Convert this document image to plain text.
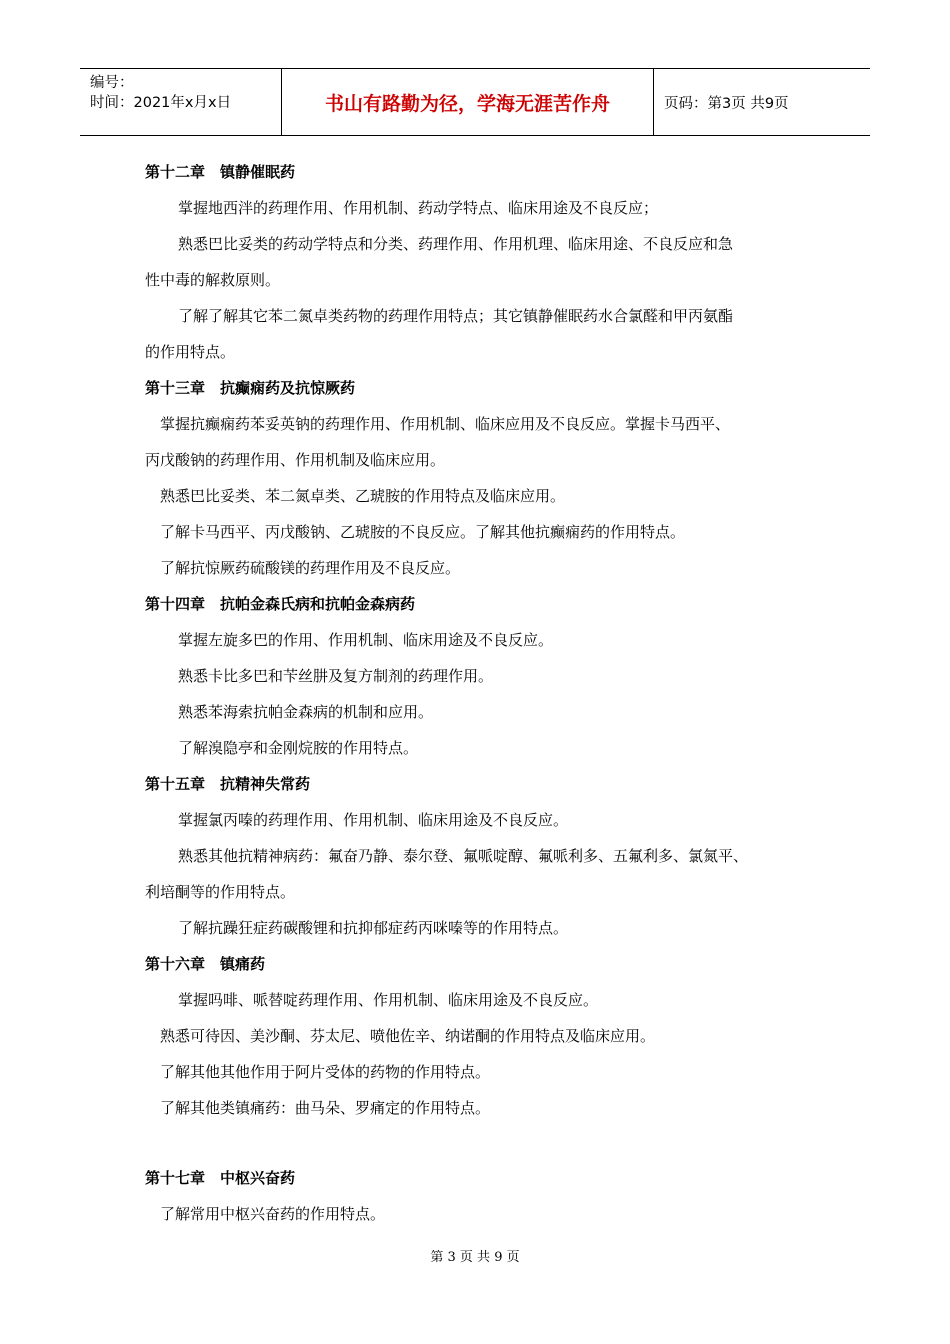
编号：
时间：2021年x月x日	书山有路勤为径，学海无涯苦作舟	页码：第3页 共9页
第十二章　镇静催眠药
掌握地西泮的药理作用、作用机制、药动学特点、临床用途及不良反应；
熟悉巴比妥类的药动学特点和分类、药理作用、作用机理、临床用途、不良反应和急
性中毒的解救原则。
了解了解其它苯二氮卓类药物的药理作用特点；其它镇静催眠药水合氯醛和甲丙氨酯
的作用特点。
第十三章　抗癫痫药及抗惊厥药
掌握抗癫痫药苯妥英钠的药理作用、作用机制、临床应用及不良反应。掌握卡马西平、
丙戊酸钠的药理作用、作用机制及临床应用。
熟悉巴比妥类、苯二氮卓类、乙琥胺的作用特点及临床应用。
了解卡马西平、丙戊酸钠、乙琥胺的不良反应。了解其他抗癫痫药的作用特点。
了解抗惊厥药硫酸镁的药理作用及不良反应。
第十四章　抗帕金森氏病和抗帕金森病药
掌握左旋多巴的作用、作用机制、临床用途及不良反应。
熟悉卡比多巴和苄丝肼及复方制剂的药理作用。
熟悉苯海索抗帕金森病的机制和应用。
了解溴隐亭和金刚烷胺的作用特点。
第十五章　抗精神失常药
掌握氯丙嗪的药理作用、作用机制、临床用途及不良反应。
熟悉其他抗精神病药：氟奋乃静、泰尔登、氟哌啶醇、氟哌利多、五氟利多、氯氮平、
利培酮等的作用特点。
了解抗躁狂症药碳酸锂和抗抑郁症药丙咪嗪等的作用特点。
第十六章　镇痛药
掌握吗啡、哌替啶药理作用、作用机制、临床用途及不良反应。
熟悉可待因、美沙酮、芬太尼、喷他佐辛、纳诺酮的作用特点及临床应用。
了解其他其他作用于阿片受体的药物的作用特点。
了解其他类镇痛药：曲马朵、罗痛定的作用特点。
第十七章　中枢兴奋药
了解常用中枢兴奋药的作用特点。
第 3 页 共 9 页
